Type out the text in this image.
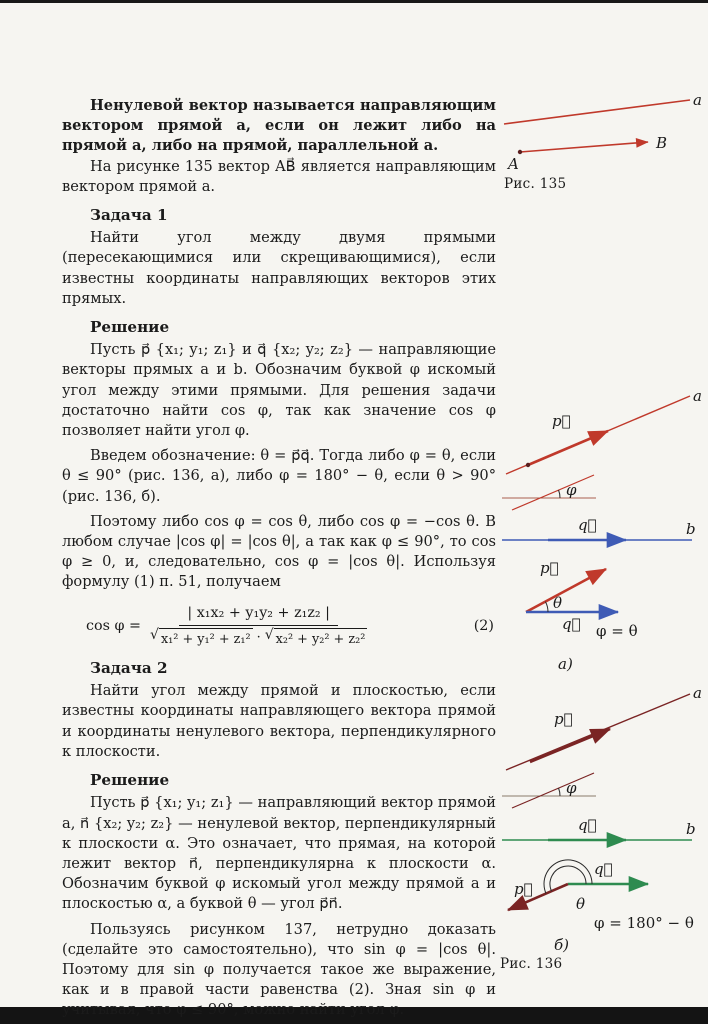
Ненулевой вектор называется направляющим вектором прямой a, если он лежит либо на прямой a, либо на прямой, параллельной a.

На рисунке 135 вектор AB⃗ является направляющим вектором прямой a.

Задача 1

Найти угол между двумя прямыми (пересекающимися или скрещивающимися), если известны координаты направляющих векторов этих прямых.

Решение

Пусть p⃗ {x₁; y₁; z₁} и q⃗ {x₂; y₂; z₂} — направляющие векторы прямых a и b. Обозначим буквой φ искомый угол между этими прямыми. Для решения задачи достаточно найти cos φ, так как значение cos φ позволяет найти угол φ.

Введем обозначение: θ = p⃗q⃗. Тогда либо φ = θ, если θ ≤ 90° (рис. 136, а), либо φ = 180° − θ, если θ > 90° (рис. 136, б).

Поэтому либо cos φ = cos θ, либо cos φ = −cos θ. В любом случае |cos φ| = |cos θ|, а так как φ ≤ 90°, то cos φ ≥ 0, и, следовательно, cos φ = |cos θ|. Используя формулу (1) п. 51, получаем

$\cos \varphi = \frac{\text{| x₁x₂ + y₁y₂ + z₁z₂ |}}{\text{√ x₁² + y₁² + z₁² · √ x₂² + y₂² + z₂²}}$	(2)
Задача 2

Найти угол между прямой и плоскостью, если известны координаты направляющего вектора прямой и координаты ненулевого вектора, перпендикулярного к плоскости.

Решение

Пусть p⃗ {x₁; y₁; z₁} — направляющий вектор прямой a, n⃗ {x₂; y₂; z₂} — ненулевой вектор, перпендикулярный к плоскости α. Это означает, что прямая, на которой лежит вектор n⃗, перпендикулярна к плоскости α. Обозначим буквой φ искомый угол между прямой a и плоскостью α, а буквой θ — угол p⃗n⃗.

Пользуясь рисунком 137, нетрудно доказать (сделайте это самостоятельно), что sin φ = |cos θ|. Поэтому для sin φ получается такое же выражение, как и в правой части равенства (2). Зная sin φ и учитывая, что φ ≤ 90°, можно найти угол φ.

a
A
B
Рис. 135
a
p⃗
φ
b
q⃗
p⃗
q⃗
θ
φ = θ
а)
a
p⃗
φ
b
q⃗
q⃗
p⃗
θ
φ = 180° − θ
б)
Рис. 136
